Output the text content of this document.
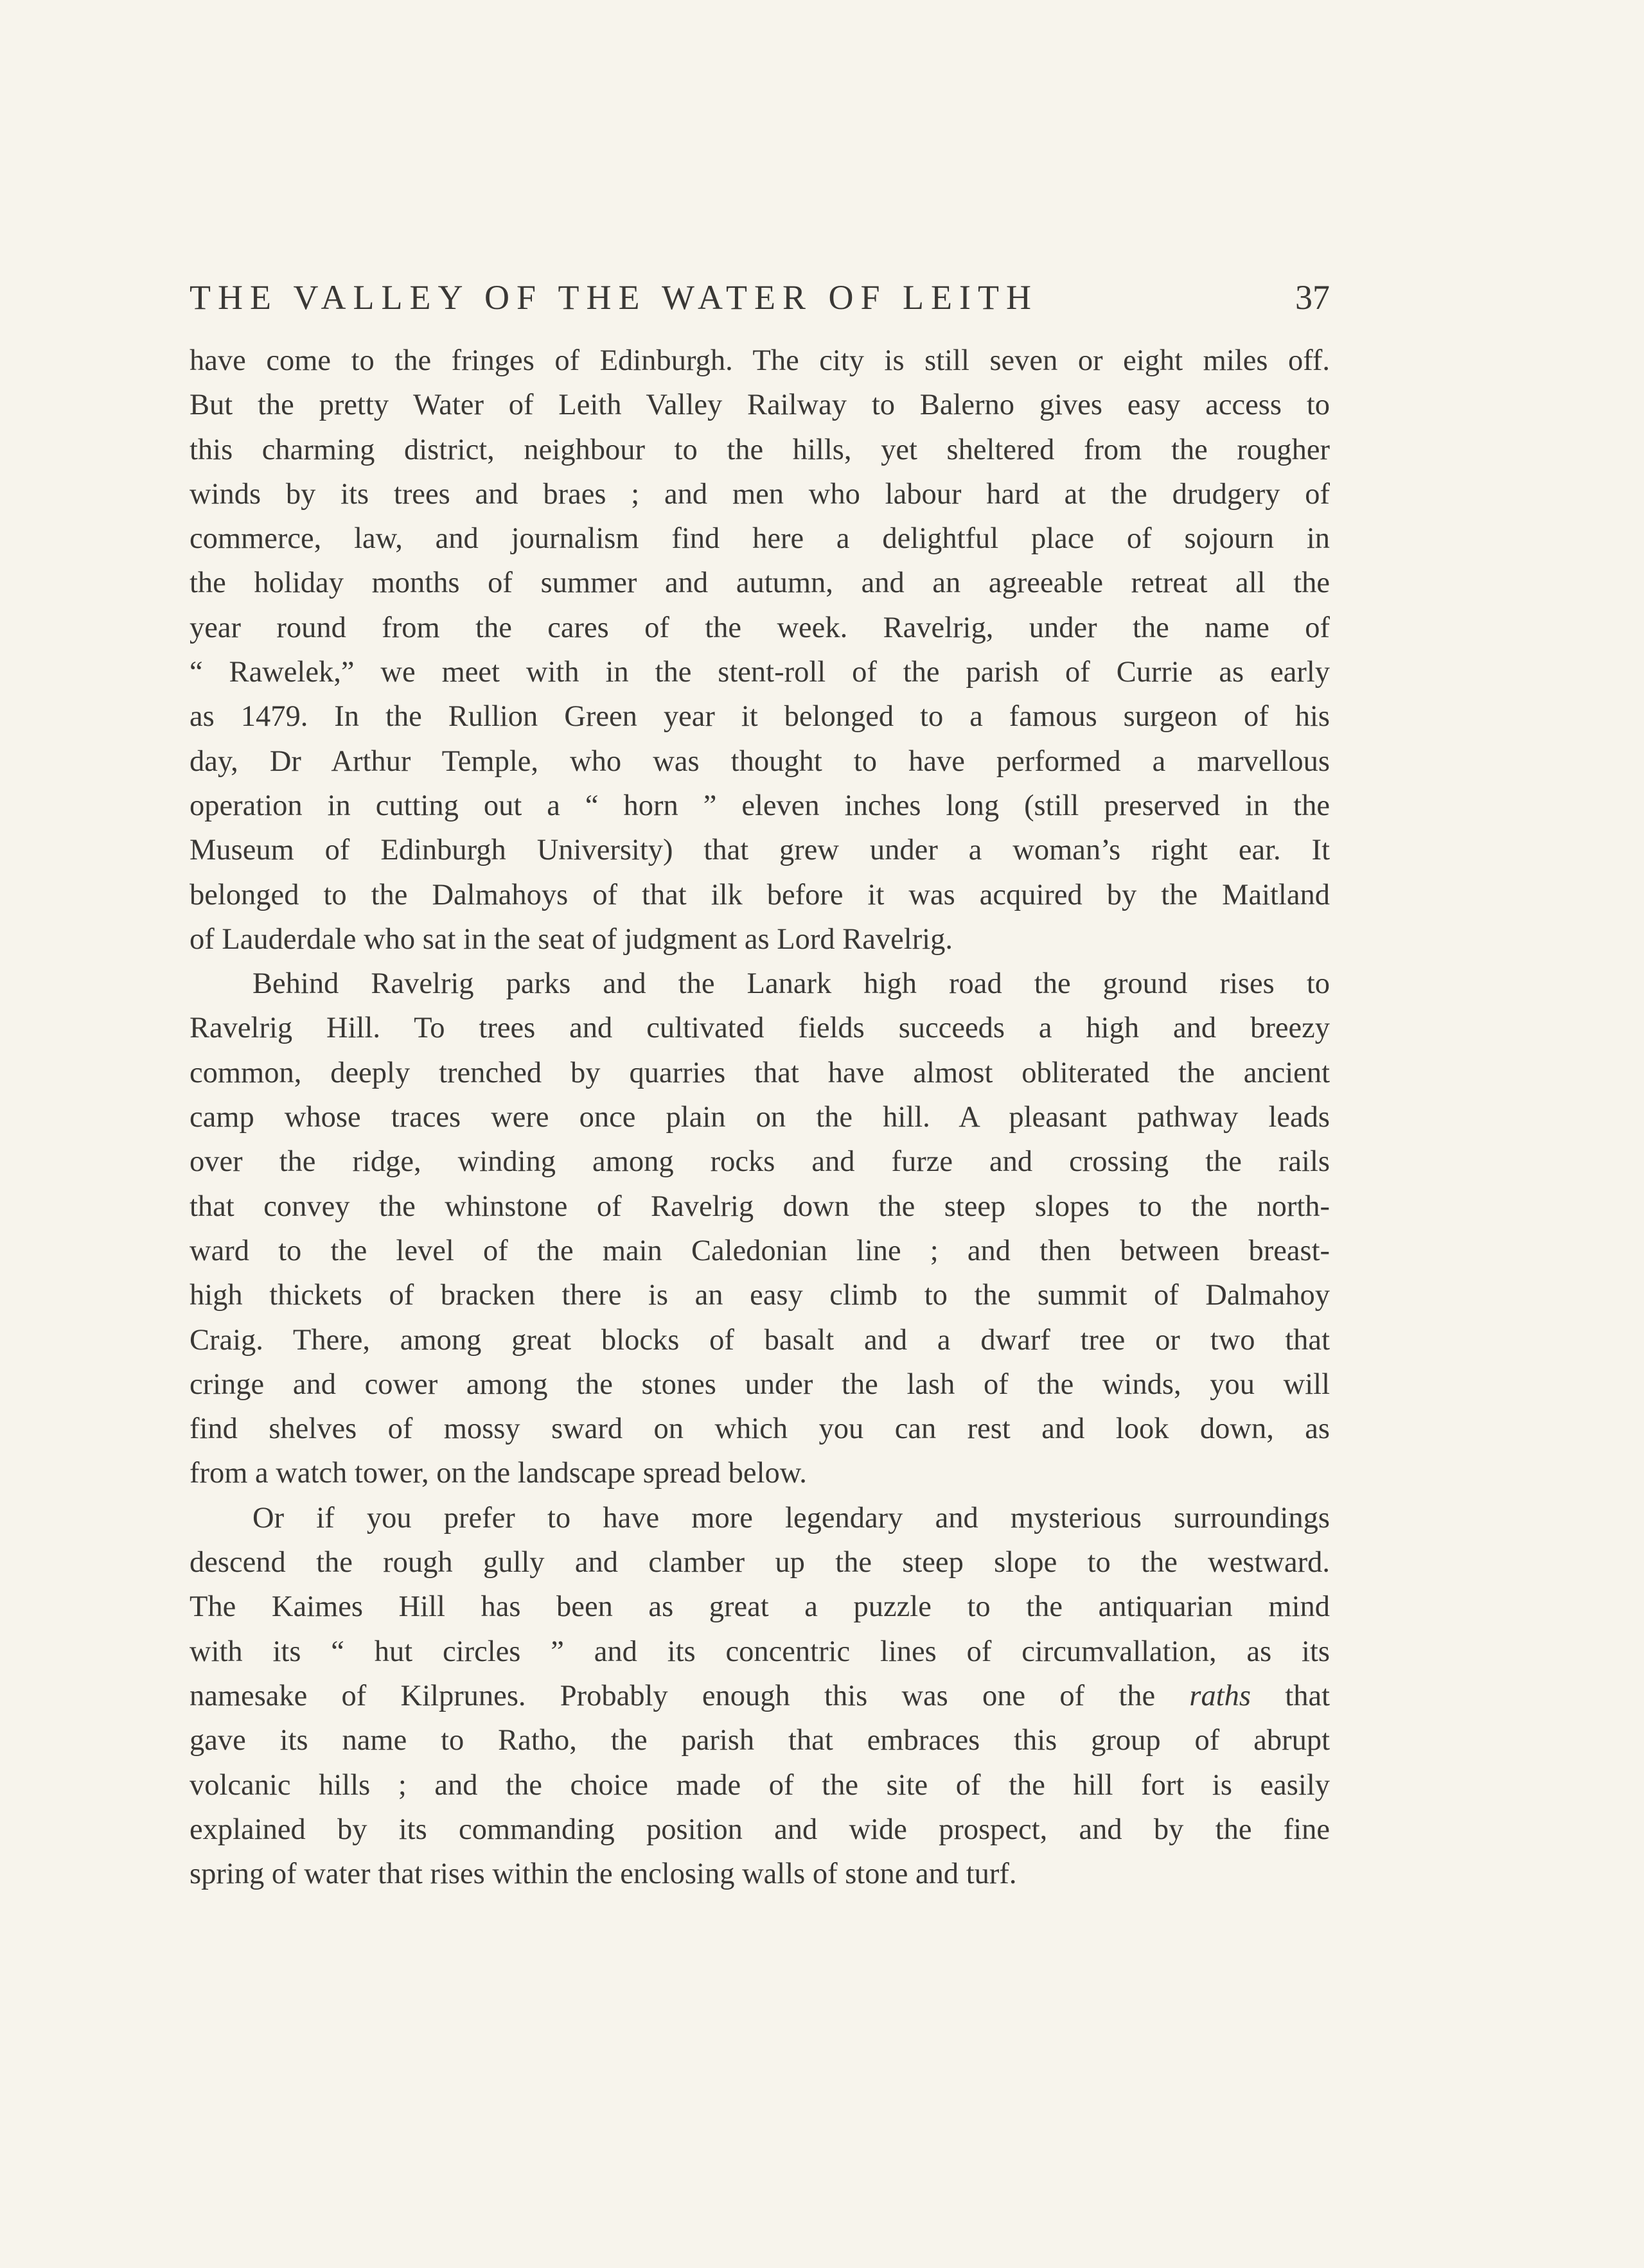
THE VALLEY OF THE WATER OF LEITH	37
have come to the fringes of Edinburgh. The city is still seven or eight miles off.
But the pretty Water of Leith Valley Railway to Balerno gives easy access to
this charming district, neighbour to the hills, yet sheltered from the rougher
winds by its trees and braes ; and men who labour hard at the drudgery of
commerce, law, and journalism find here a delightful place of sojourn in
the holiday months of summer and autumn, and an agreeable retreat all the
year round from the cares of the week. Ravelrig, under the name of
“ Rawelek,” we meet with in the stent-roll of the parish of Currie as early
as 1479. In the Rullion Green year it belonged to a famous surgeon of his
day, Dr Arthur Temple, who was thought to have performed a marvellous
operation in cutting out a “ horn ” eleven inches long (still preserved in the
Museum of Edinburgh University) that grew under a woman’s right ear. It
belonged to the Dalmahoys of that ilk before it was acquired by the Maitland
of Lauderdale who sat in the seat of judgment as Lord Ravelrig.
Behind Ravelrig parks and the Lanark high road the ground rises to
Ravelrig Hill. To trees and cultivated fields succeeds a high and breezy
common, deeply trenched by quarries that have almost obliterated the ancient
camp whose traces were once plain on the hill. A pleasant pathway leads
over the ridge, winding among rocks and furze and crossing the rails
that convey the whinstone of Ravelrig down the steep slopes to the north-
ward to the level of the main Caledonian line ; and then between breast-
high thickets of bracken there is an easy climb to the summit of Dalmahoy
Craig. There, among great blocks of basalt and a dwarf tree or two that
cringe and cower among the stones under the lash of the winds, you will
find shelves of mossy sward on which you can rest and look down, as
from a watch tower, on the landscape spread below.
Or if you prefer to have more legendary and mysterious surroundings
descend the rough gully and clamber up the steep slope to the westward.
The Kaimes Hill has been as great a puzzle to the antiquarian mind
with its “ hut circles ” and its concentric lines of circumvallation, as its
namesake of Kilprunes. Probably enough this was one of the raths that
gave its name to Ratho, the parish that embraces this group of abrupt
volcanic hills ; and the choice made of the site of the hill fort is easily
explained by its commanding position and wide prospect, and by the fine
spring of water that rises within the enclosing walls of stone and turf.
